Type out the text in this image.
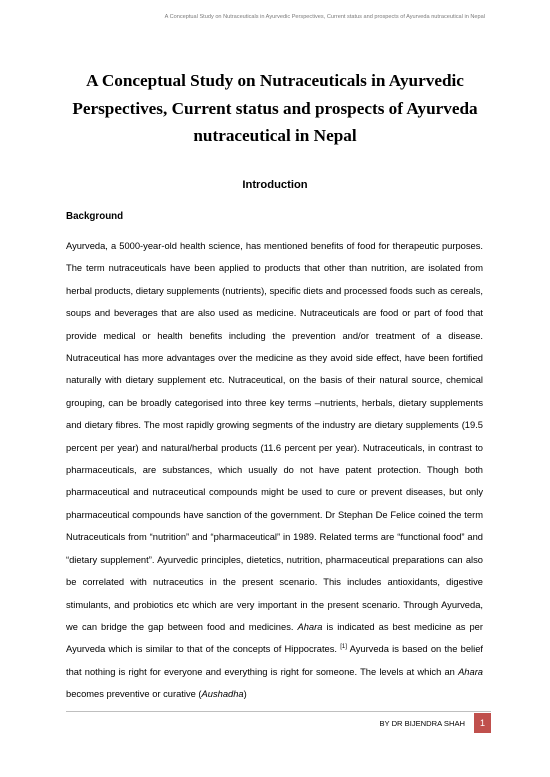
A Conceptual Study on Nutraceuticals in Ayurvedic Perspectives, Current status and prospects of Ayurveda nutraceutical in Nepal
A Conceptual Study on Nutraceuticals in Ayurvedic Perspectives, Current status and prospects of Ayurveda nutraceutical in Nepal
Introduction
Background

Ayurveda, a 5000-year-old health science, has mentioned benefits of food for therapeutic purposes. The term nutraceuticals have been applied to products that other than nutrition, are isolated from herbal products, dietary supplements (nutrients), specific diets and processed foods such as cereals, soups and beverages that are also used as medicine. Nutraceuticals are food or part of food that provide medical or health benefits including the prevention and/or treatment of a disease. Nutraceutical has more advantages over the medicine as they avoid side effect, have been fortified naturally with dietary supplement etc. Nutraceutical, on the basis of their natural source, chemical grouping, can be broadly categorised into three key terms –nutrients, herbals, dietary supplements and dietary fibres. The most rapidly growing segments of the industry are dietary supplements (19.5 percent per year) and natural/herbal products (11.6 percent per year). Nutraceuticals, in contrast to pharmaceuticals, are substances, which usually do not have patent protection. Though both pharmaceutical and nutraceutical compounds might be used to cure or prevent diseases, but only pharmaceutical compounds have sanction of the government. Dr Stephan De Felice coined the term Nutraceuticals from “nutrition” and “pharmaceutical” in 1989. Related terms are “functional food” and “dietary supplement”. Ayurvedic principles, dietetics, nutrition, pharmaceutical preparations can also be correlated with nutraceutics in the present scenario. This includes antioxidants, digestive stimulants, and probiotics etc which are very important in the present scenario. Through Ayurveda, we can bridge the gap between food and medicines. Ahara is indicated as best medicine as per Ayurveda which is similar to that of the concepts of Hippocrates. [1] Ayurveda is based on the belief that nothing is right for everyone and everything is right for someone. The levels at which an Ahara becomes preventive or curative (Aushadha)

BY DR BIJENDRA SHAH	1
